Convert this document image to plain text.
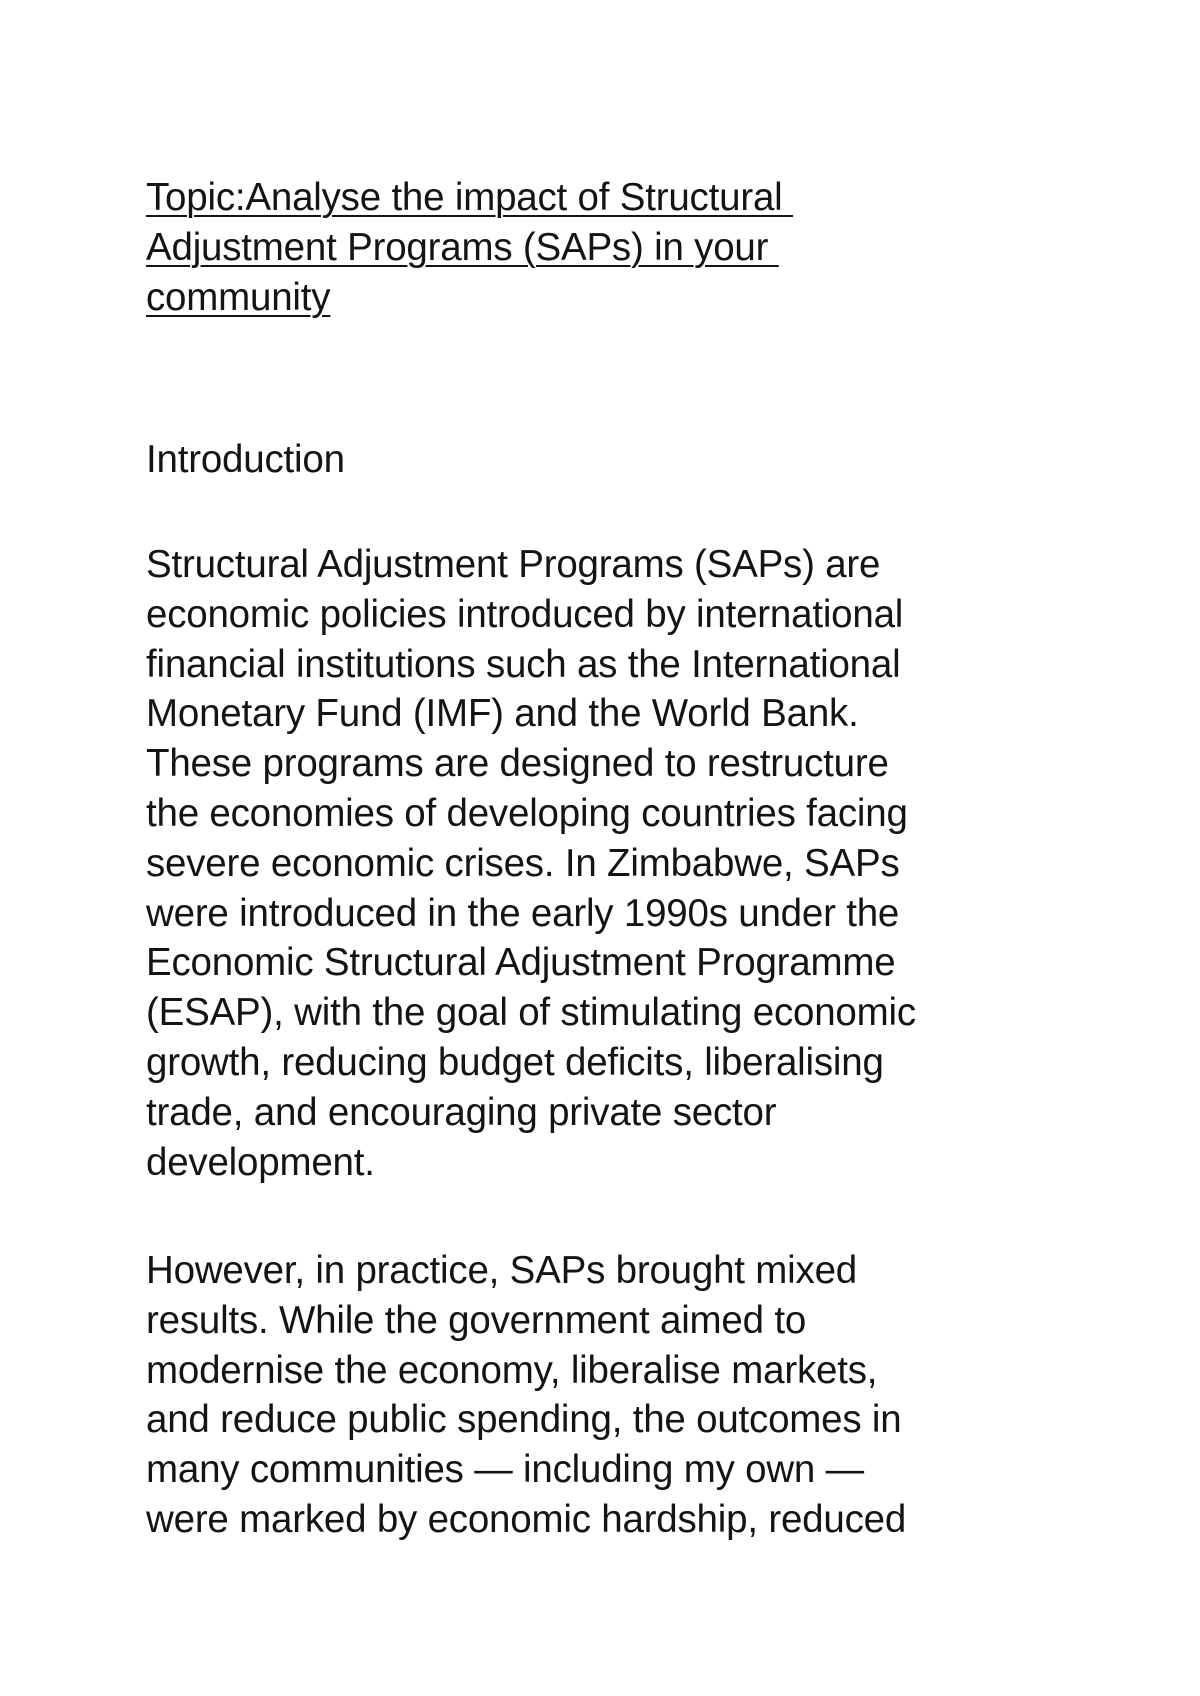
Topic:Analyse the impact of Structural
Adjustment Programs (SAPs) in your
community
Introduction
Structural Adjustment Programs (SAPs) are
economic policies introduced by international
financial institutions such as the International
Monetary Fund (IMF) and the World Bank.
These programs are designed to restructure
the economies of developing countries facing
severe economic crises. In Zimbabwe, SAPs
were introduced in the early 1990s under the
Economic Structural Adjustment Programme
(ESAP), with the goal of stimulating economic
growth, reducing budget deficits, liberalising
trade, and encouraging private sector
development.
However, in practice, SAPs brought mixed
results. While the government aimed to
modernise the economy, liberalise markets,
and reduce public spending, the outcomes in
many communities — including my own —
were marked by economic hardship, reduced
